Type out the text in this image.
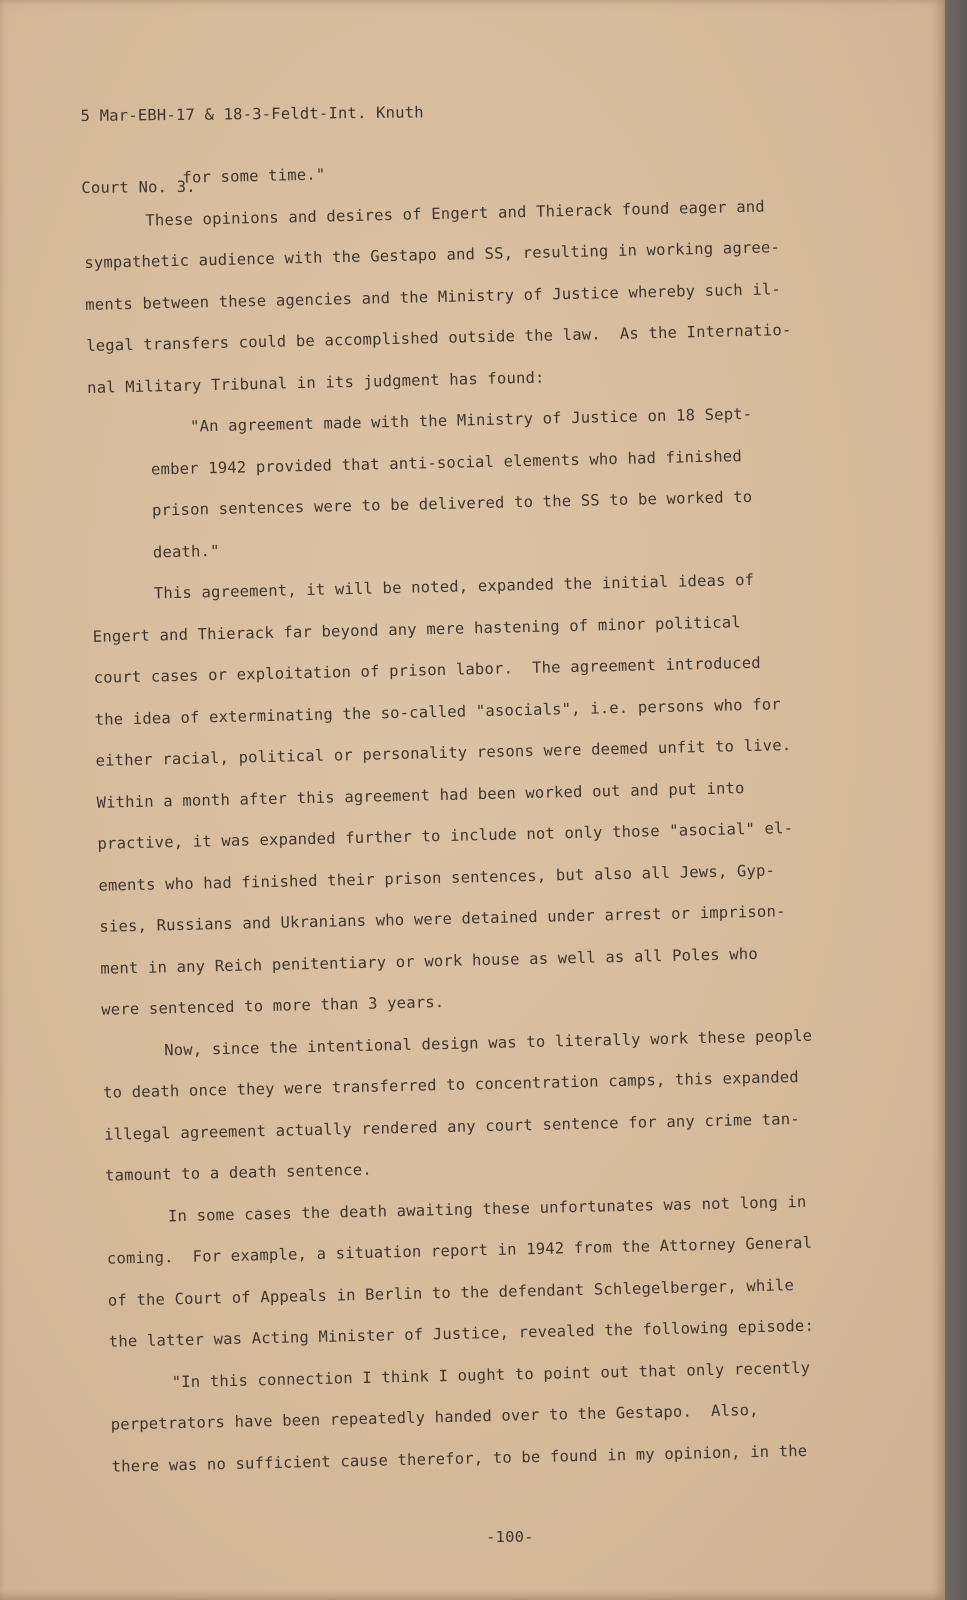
5 Mar-EBH-17 & 18-3-Feldt-Int. Knuth

Court No. 3.

for some time."
These opinions and desires of Engert and Thierack found eager and
sympathetic audience with the Gestapo and SS, resulting in working agree-
ments between these agencies and the Ministry of Justice whereby such il-
legal transfers could be accomplished outside the law.  As the Internatio-
nal Military Tribunal in its judgment has found:
"An agreement made with the Ministry of Justice on 18 Sept-
ember 1942 provided that anti-social elements who had finished
prison sentences were to be delivered to the SS to be worked to
death."
This agreement, it will be noted, expanded the initial ideas of
Engert and Thierack far beyond any mere hastening of minor political
court cases or exploitation of prison labor.  The agreement introduced
the idea of exterminating the so-called "asocials", i.e. persons who for
either racial, political or personality resons were deemed unfit to live.
Within a month after this agreement had been worked out and put into
practive, it was expanded further to include not only those "asocial" el-
ements who had finished their prison sentences, but also all Jews, Gyp-
sies, Russians and Ukranians who were detained under arrest or imprison-
ment in any Reich penitentiary or work house as well as all Poles who
were sentenced to more than 3 years.
Now, since the intentional design was to literally work these people
to death once they were transferred to concentration camps, this expanded
illegal agreement actually rendered any court sentence for any crime tan-
tamount to a death sentence.
In some cases the death awaiting these unfortunates was not long in
coming.  For example, a situation report in 1942 from the Attorney General
of the Court of Appeals in Berlin to the defendant Schlegelberger, while
the latter was Acting Minister of Justice, revealed the following episode:
"In this connection I think I ought to point out that only recently
perpetrators have been repeatedly handed over to the Gestapo.  Also,
there was no sufficient cause therefor, to be found in my opinion, in the
-100-
